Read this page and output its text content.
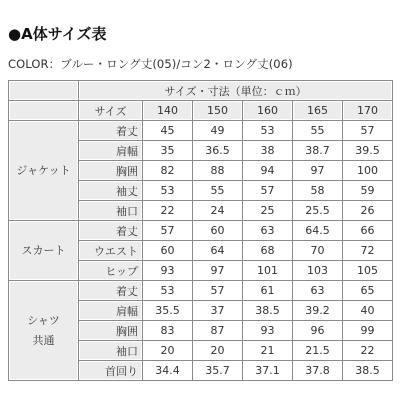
●A体サイズ表
COLOR：ブルー・ロング丈(05)/コン2・ロング丈(06)
	サイズ・寸法（単位：ｃｍ）					
	サイズ	140	150	160	165	170

ジャケット	着丈	45	49	53	55	57
	肩幅	35	36.5	38	38.7	39.5
	胸囲	82	88	94	97	100
	袖丈	53	55	57	58	59
	袖口	22	24	25	25.5	26

スカート	着丈	57	60	63	64.5	66
	ウエスト	60	64	68	70	72
	ヒップ	93	97	101	103	105

シャツ
共通	着丈	53	57	61	63	65
	肩幅	35.5	37	38.5	39.2	40
	胸囲	83	87	93	96	99
	袖口	20	20	21	21.5	22
	首回り	34.4	35.7	37.1	37.8	38.5
